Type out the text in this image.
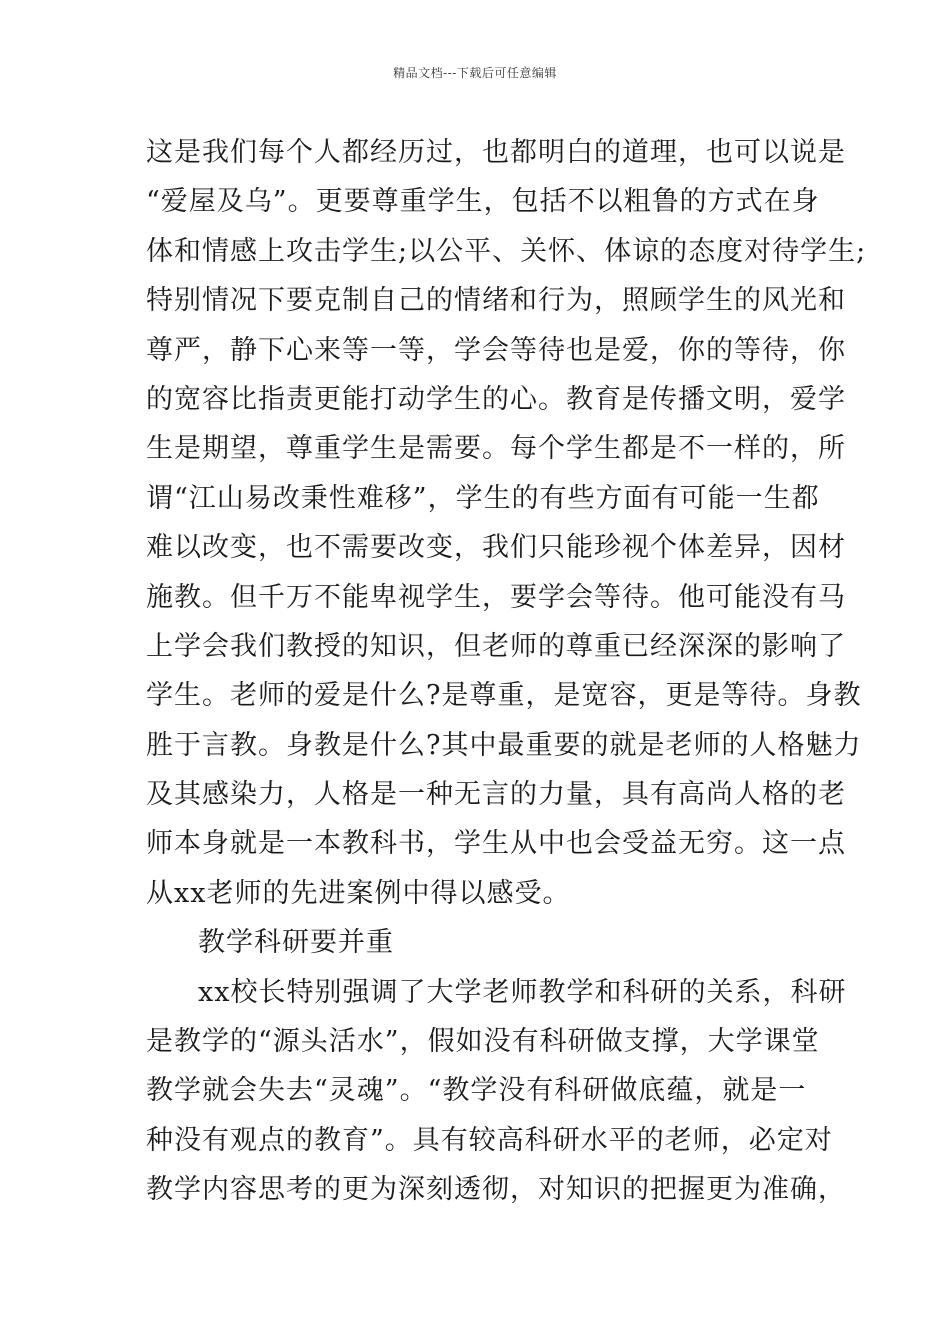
精品文档---下载后可任意编辑
这是我们每个人都经历过，也都明白的道理，也可以说是
“爱屋及乌”。更要尊重学生，包括不以粗鲁的方式在身
体和情感上攻击学生;以公平、关怀、体谅的态度对待学生;
特别情况下要克制自己的情绪和行为，照顾学生的风光和
尊严，静下心来等一等，学会等待也是爱，你的等待，你
的宽容比指责更能打动学生的心。教育是传播文明，爱学
生是期望，尊重学生是需要。每个学生都是不一样的，所
谓“江山易改秉性难移”，学生的有些方面有可能一生都
难以改变，也不需要改变，我们只能珍视个体差异，因材
施教。但千万不能卑视学生，要学会等待。他可能没有马
上学会我们教授的知识，但老师的尊重已经深深的影响了
学生。老师的爱是什么?是尊重，是宽容，更是等待。身教
胜于言教。身教是什么?其中最重要的就是老师的人格魅力
及其感染力，人格是一种无言的力量，具有高尚人格的老
师本身就是一本教科书，学生从中也会受益无穷。这一点
从xx老师的先进案例中得以感受。
教学科研要并重
xx校长特别强调了大学老师教学和科研的关系，科研
是教学的“源头活水”，假如没有科研做支撑，大学课堂
教学就会失去“灵魂”。“教学没有科研做底蕴，就是一
种没有观点的教育”。具有较高科研水平的老师，必定对
教学内容思考的更为深刻透彻，对知识的把握更为准确，
